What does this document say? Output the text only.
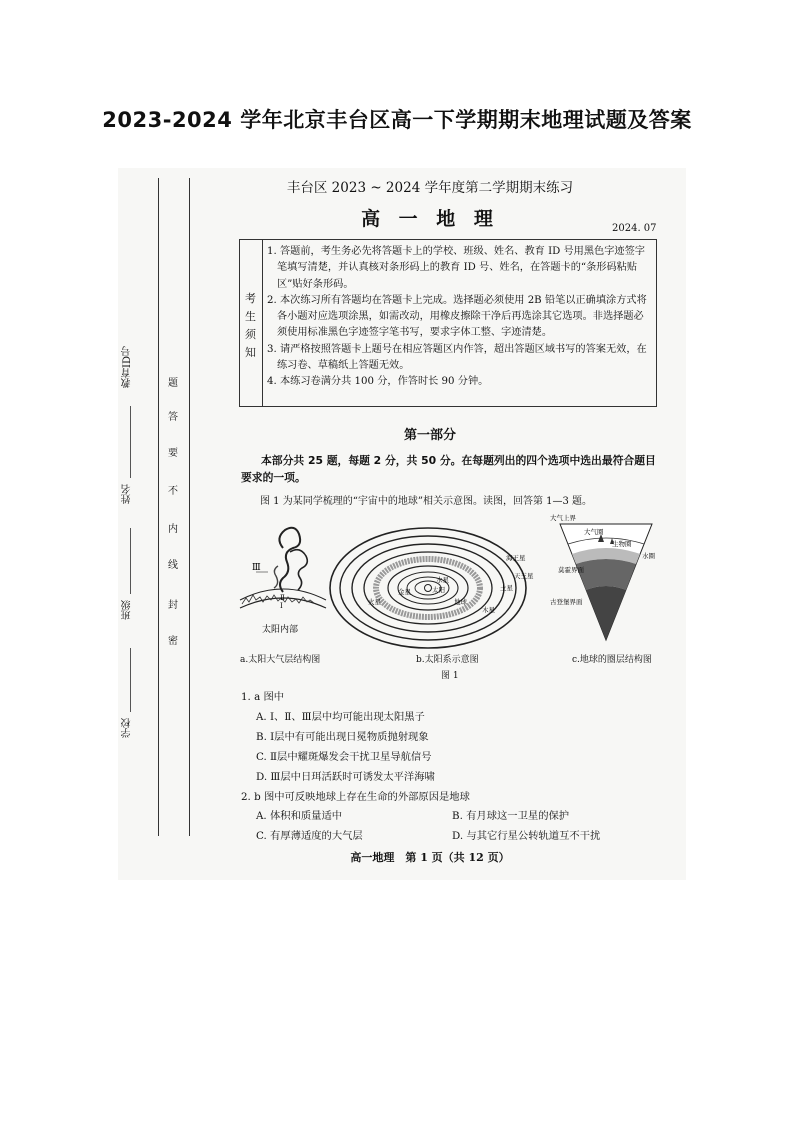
2023-2024 学年北京丰台区高一下学期期末地理试题及答案
学校
班级
姓名
教育ID号
密
封
线
内
不
要
答
题
丰台区 2023 ~ 2024 学年度第二学期期末练习
高 一 地 理	2024. 07
考
生
须
知

1. 答题前，考生务必先将答题卡上的学校、班级、姓名、教育 ID 号用黑色字迹签字笔填写清楚，并认真核对条形码上的教育 ID 号、姓名，在答题卡的“条形码粘贴区”贴好条形码。

2. 本次练习所有答题均在答题卡上完成。选择题必须使用 2B 铅笔以正确填涂方式将各小题对应选项涂黑，如需改动，用橡皮擦除干净后再选涂其它选项。非选择题必须使用标准黑色字迹签字笔书写，要求字体工整、字迹清楚。

3. 请严格按照答题卡上题号在相应答题区内作答，超出答题区域书写的答案无效，在练习卷、草稿纸上答题无效。

4. 本练习卷满分共 100 分，作答时长 90 分钟。

第一部分
本部分共 25 题，每题 2 分，共 50 分。在每题列出的四个选项中选出最符合题目要求的一项。
图 1 为某同学梳理的“宇宙中的地球”相关示意图。读图，回答第 1—3 题。
Ⅲ
Ⅱ
Ⅰ
太阳内部
太阳
水星
金星
地球
火星
木星
土星
天王星
海王星
大气上界
大气圈
生物圈
水圈
莫霍界面
古登堡界面
a.太阳大气层结构图	b.太阳系示意图	c.地球的圈层结构图
图 1
1. a 图中
A. Ⅰ、Ⅱ、Ⅲ层中均可能出现太阳黑子
B. Ⅰ层中有可能出现日冕物质抛射现象
C. Ⅱ层中耀斑爆发会干扰卫星导航信号
D. Ⅲ层中日珥活跃时可诱发太平洋海啸
2. b 图中可反映地球上存在生命的外部原因是地球
A. 体积和质量适中	B. 有月球这一卫星的保护
C. 有厚薄适度的大气层	D. 与其它行星公转轨道互不干扰
高一地理　第 1 页（共 12 页）
